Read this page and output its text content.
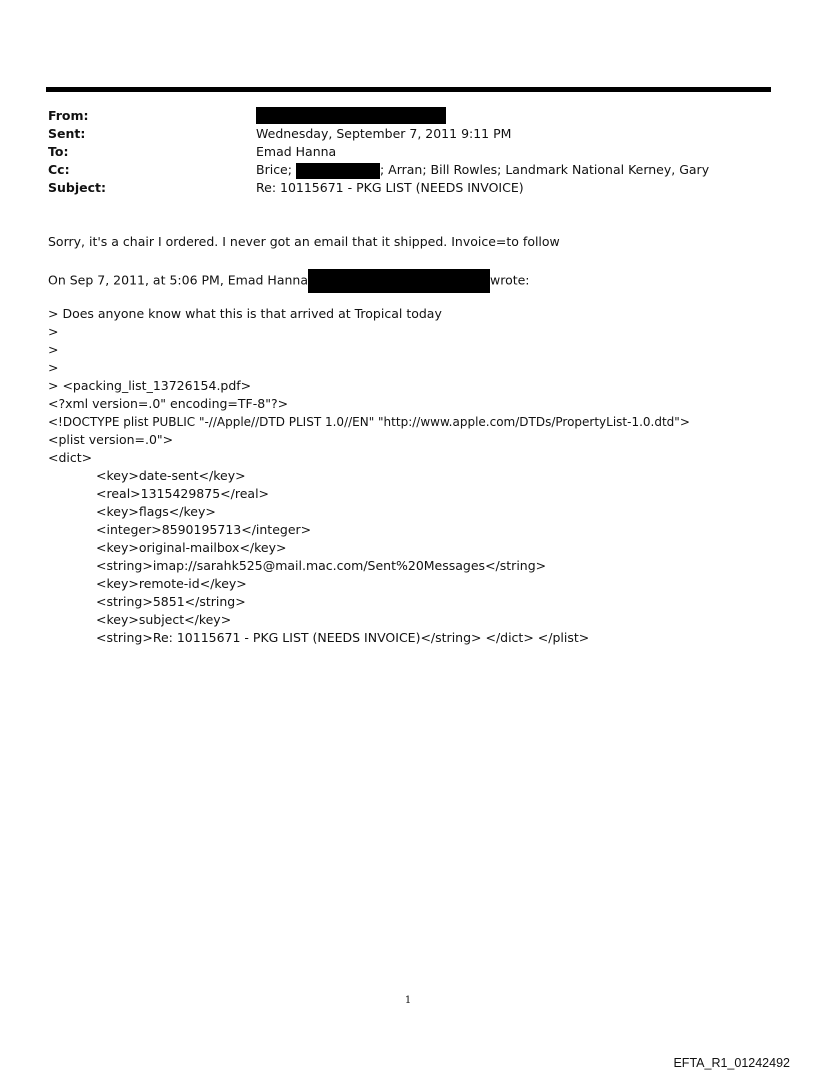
From:
Sent:	Wednesday, September 7, 2011 9:11 PM
To:	Emad Hanna
Cc:	Brice;	; Arran; Bill Rowles; Landmark National Kerney, Gary
Subject:	Re: 10115671 - PKG LIST (NEEDS INVOICE)
Sorry, it's a chair I ordered. I never got an email that it shipped. Invoice=to follow
On Sep 7, 2011, at 5:06 PM, Emad Hanna	wrote:
> Does anyone know what this is that arrived at Tropical today
>
>
>
> <packing_list_13726154.pdf>
<?xml version=.0" encoding=TF-8"?>
<!DOCTYPE plist PUBLIC "-//Apple//DTD PLIST 1.0//EN" "http://www.apple.com/DTDs/PropertyList-1.0.dtd">
<plist version=.0">
<dict>
<key>date-sent</key>
<real>1315429875</real>
<key>flags</key>
<integer>8590195713</integer>
<key>original-mailbox</key>
<string>imap://sarahk525@mail.mac.com/Sent%20Messages</string>
<key>remote-id</key>
<string>5851</string>
<key>subject</key>
<string>Re: 10115671 - PKG LIST (NEEDS INVOICE)</string> </dict> </plist>
1
EFTA_R1_01242492
